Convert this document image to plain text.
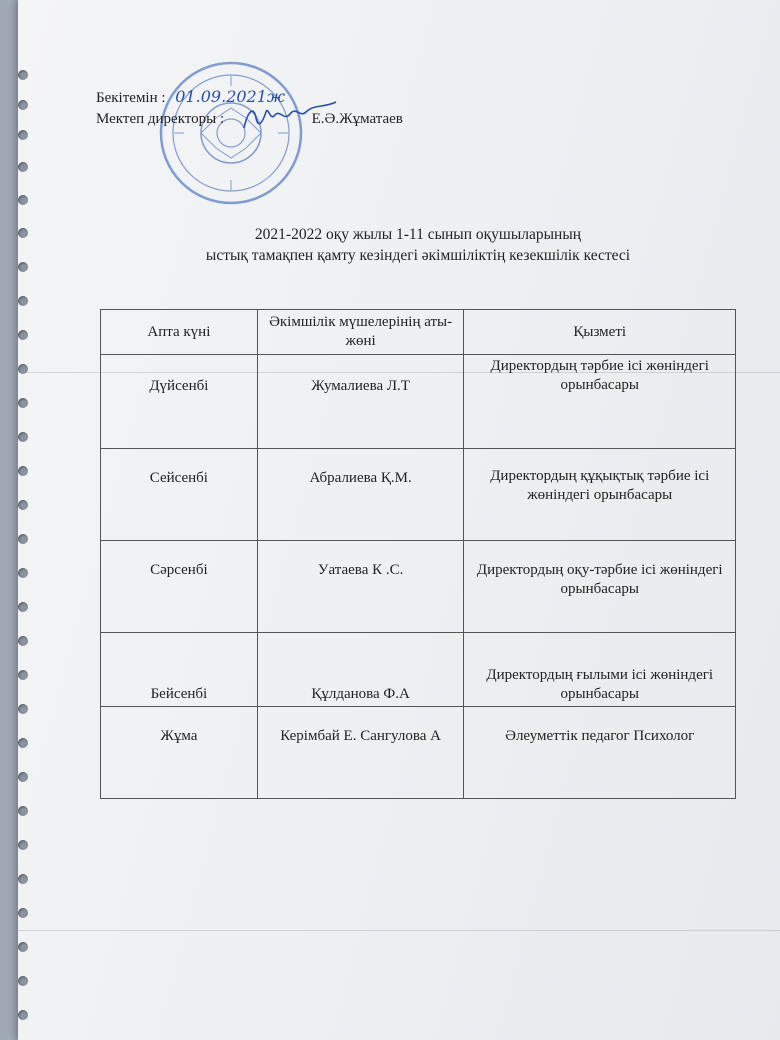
Бекітемін : 01.09.2021ж
Мектеп директоры :	Е.Ә.Жұматаев
2021-2022 оқу жылы 1-11 сынып оқушыларының
ыстық тамақпен қамту кезіндегі әкімшіліктің кезекшілік кестесі
Апта күні	Әкімшілік мүшелерінің аты-жөні	Қызметі
Дүйсенбі	Жумалиева Л.Т	Директордың тәрбие ісі жөніндегі орынбасары
Сейсенбі	Абралиева Қ.М.	Директордың құқықтық тәрбие ісі жөніндегі орынбасары
Сәрсенбі	Уатаева К .С.	Директордың оқу-тәрбие ісі жөніндегі орынбасары
Бейсенбі	Құлданова Ф.А	Директордың ғылыми ісі жөніндегі орынбасары
Жұма	Керімбай Е. Сангулова А	Әлеуметтік педагог Психолог
